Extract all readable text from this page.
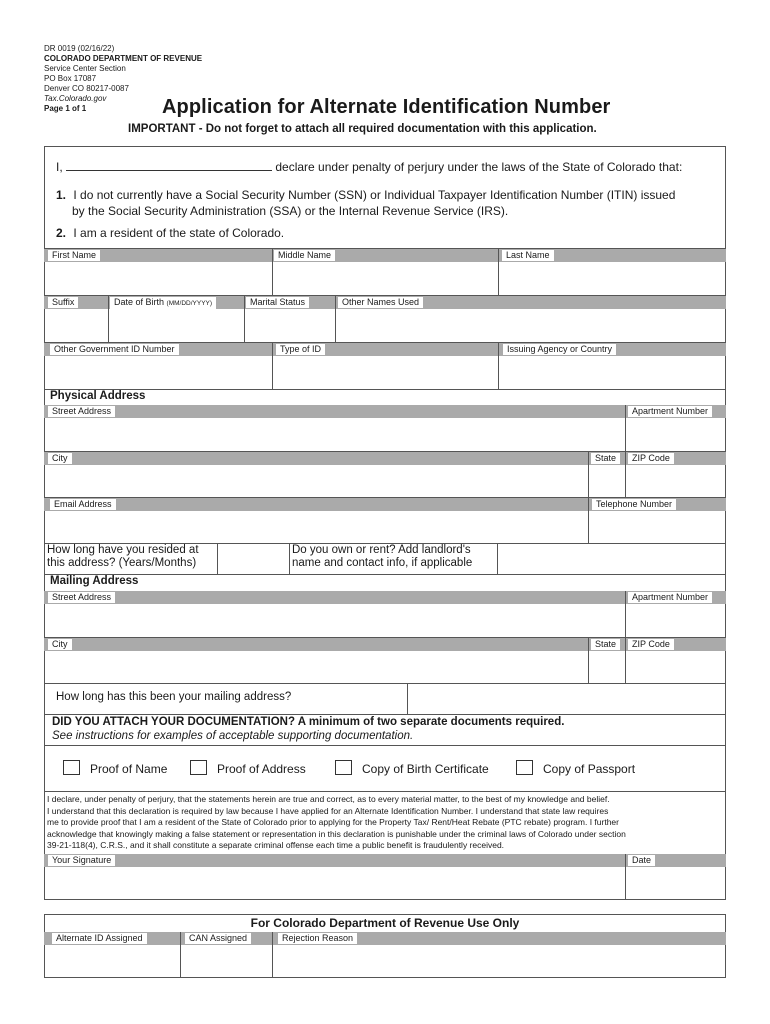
DR 0019 (02/16/22)
COLORADO DEPARTMENT OF REVENUE
Service Center Section
PO Box 17087
Denver CO 80217-0087
Tax.Colorado.gov
Page 1 of 1	Application for Alternate Identification Number
IMPORTANT - Do not forget to attach all required documentation with this application.
I,	declare under penalty of perjury under the laws of the State of Colorado that:
1. I do not currently have a Social Security Number (SSN) or Individual Taxpayer Identification Number (ITIN) issued
by the Social Security Administration (SSA) or the Internal Revenue Service (IRS).
2. I am a resident of the state of Colorado.
First Name	Middle Name	Last Name
Suffix	Date of Birth (MM/DD/YYYY)	Marital Status	Other Names Used
Other Government ID Number	Type of ID	Issuing Agency or Country
Physical Address
Street Address	Apartment Number
City	State	ZIP Code
Email Address	Telephone Number
How long have you resided at
this address? (Years/Months)
Do you own or rent? Add landlord's
name and contact info, if applicable
Mailing Address
Street Address	Apartment Number
City	State	ZIP Code
How long has this been your mailing address?
DID YOU ATTACH YOUR DOCUMENTATION? A minimum of two separate documents required.
See instructions for examples of acceptable supporting documentation.
Proof of Name	Proof of Address	Copy of Birth Certificate	Copy of Passport
I declare, under penalty of perjury, that the statements herein are true and correct, as to every material matter, to the best of my knowledge and belief.
I understand that this declaration is required by law because I have applied for an Alternate Identification Number. I understand that state law requires
me to provide proof that I am a resident of the State of Colorado prior to applying for the Property Tax/ Rent/Heat Rebate (PTC rebate) program. I further
acknowledge that knowingly making a false statement or representation in this declaration is punishable under the criminal laws of Colorado under section
39-21-118(4), C.R.S., and it shall constitute a separate criminal offense each time a public benefit is fraudulently received.
Your Signature	Date
For Colorado Department of Revenue Use Only
Alternate ID Assigned	CAN Assigned	Rejection Reason
